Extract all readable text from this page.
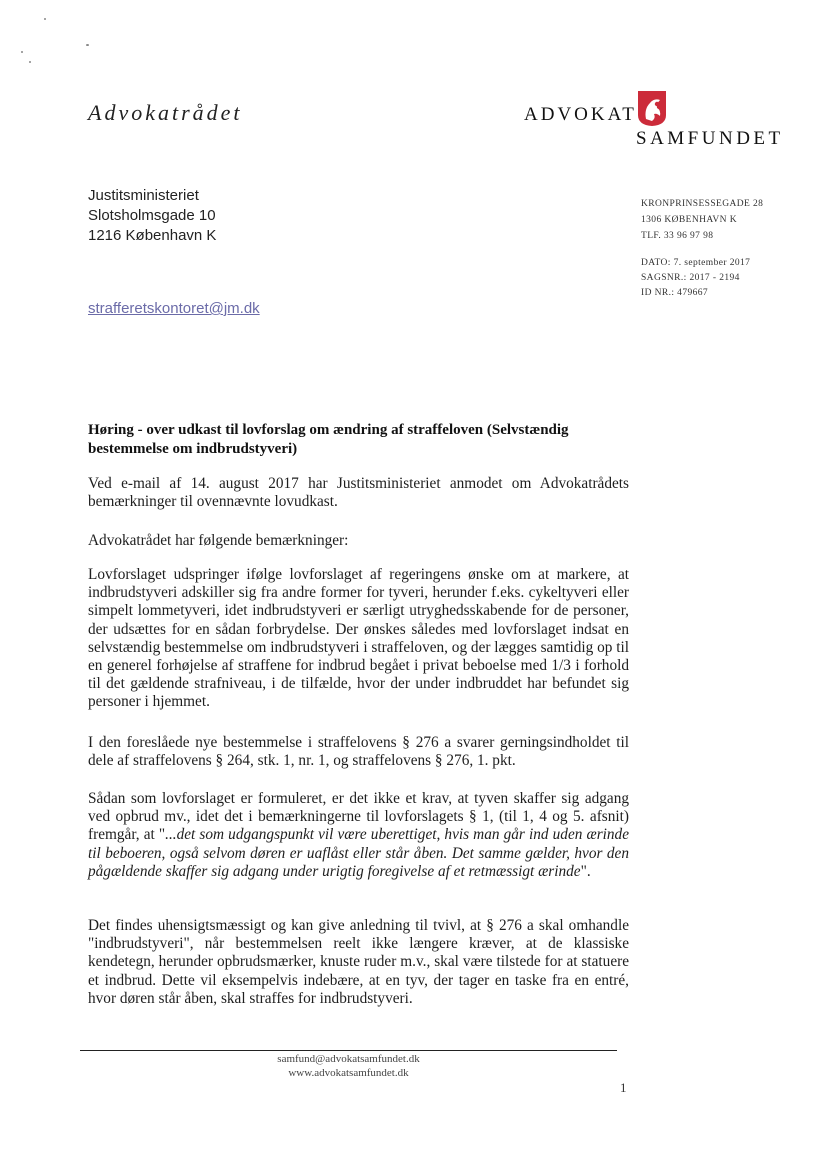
Advokatrådet	ADVOKAT
SAMFUNDET
Justitsministeriet
Slotsholmsgade 10
1216 København K
KRONPRINSESSEGADE 28
1306 KØBENHAVN K
TLF. 33 96 97 98
DATO: 7. september 2017
SAGSNR.: 2017 - 2194
ID NR.: 479667
strafferetskontoret@jm.dk
Høring - over udkast til lovforslag om ændring af straffeloven (Selvstændig bestemmelse om indbrudstyveri)
Ved e-mail af 14. august 2017 har Justitsministeriet anmodet om Advokatrådets bemærkninger til ovennævnte lovudkast.
Advokatrådet har følgende bemærkninger:
Lovforslaget udspringer ifølge lovforslaget af regeringens ønske om at markere, at indbrudstyveri adskiller sig fra andre former for tyveri, herunder f.eks. cykeltyveri eller simpelt lommetyveri, idet indbrudstyveri er særligt utryghedsskabende for de personer, der udsættes for en sådan forbrydelse. Der ønskes således med lovforslaget indsat en selvstændig bestemmelse om indbrudstyveri i straffeloven, og der lægges samtidig op til en generel forhøjelse af straffene for indbrud begået i privat beboelse med 1/3 i forhold til det gældende strafniveau, i de tilfælde, hvor der under indbruddet har befundet sig personer i hjemmet.
I den foreslåede nye bestemmelse i straffelovens § 276 a svarer gerningsindholdet til dele af straffelovens § 264, stk. 1, nr. 1, og straffelovens § 276, 1. pkt.
Sådan som lovforslaget er formuleret, er det ikke et krav, at tyven skaffer sig adgang ved opbrud mv., idet det i bemærkningerne til lovforslagets § 1, (til 1, 4 og 5. afsnit) fremgår, at "...det som udgangspunkt vil være uberettiget, hvis man går ind uden ærinde til beboeren, også selvom døren er uaflåst eller står åben. Det samme gælder, hvor den pågældende skaffer sig adgang under urigtig foregivelse af et retmæssigt ærinde".
Det findes uhensigtsmæssigt og kan give anledning til tvivl, at § 276 a skal omhandle "indbrudstyveri", når bestemmelsen reelt ikke længere kræver, at de klassiske kendetegn, herunder opbrudsmærker, knuste ruder m.v., skal være tilstede for at statuere et indbrud. Dette vil eksempelvis indebære, at en tyv, der tager en taske fra en entré, hvor døren står åben, skal straffes for indbrudstyveri.
samfund@advokatsamfundet.dk
www.advokatsamfundet.dk
1
